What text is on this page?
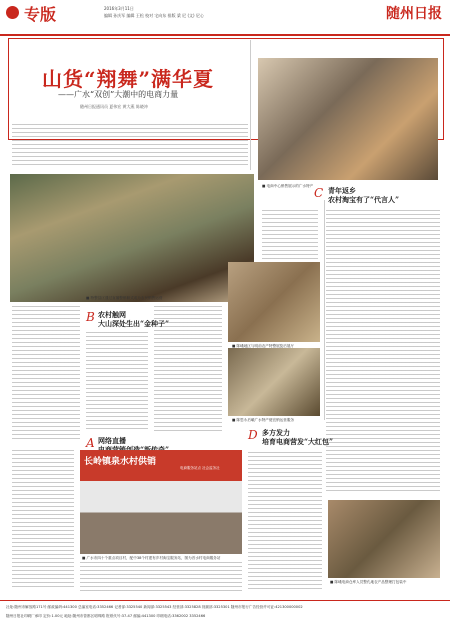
专版	2016年3月11日
编辑 孙庆军 编辑 王松 校对 宅向东 排版 梁 尼 (文) 尼心	随州日报
山货“翔舞”满华夏
——广水“双创”大潮中的电商力量
随州日报通讯员 夏伟宏 黄大燕 陈晓冲
■ 电商中心销售展示的广水特产
■ 特整县区通过直播整销橱式成为农民销售运营
C 青年返乡
农村淘宝有了“代言人”
■ 陈峨地区与明前农产特整展览后展厅
■ 陈思永后峨广水特产便宜销运营服务
B 农村触网
大山深处生出“金种子”
A 网络直播

长岭镇泉水村供销
电商服务站点 社会监务社
■ 广水市四十个重点项目村，配中38个村建有乡村淘宝服务站，图为首水村电商服务站
D 多方发力
培育电商营发“大红包”
■ 陈峨电商仓库人员整孔地农产品整理打包装中
社址:随州市解放路171号 邮政编码:441300 总编室电话:3352466 记者部:3325540 新闻部:3325543 经营部:3325828 视频部:3325301 随州市报行广告经营许可证:421300000002
随州日报社印刷厂承印 定价:1.00元 地址:随州市曾都区明珠路 报纸代号:37-47 邮编:441300 印刷电话:3362002 3352466
